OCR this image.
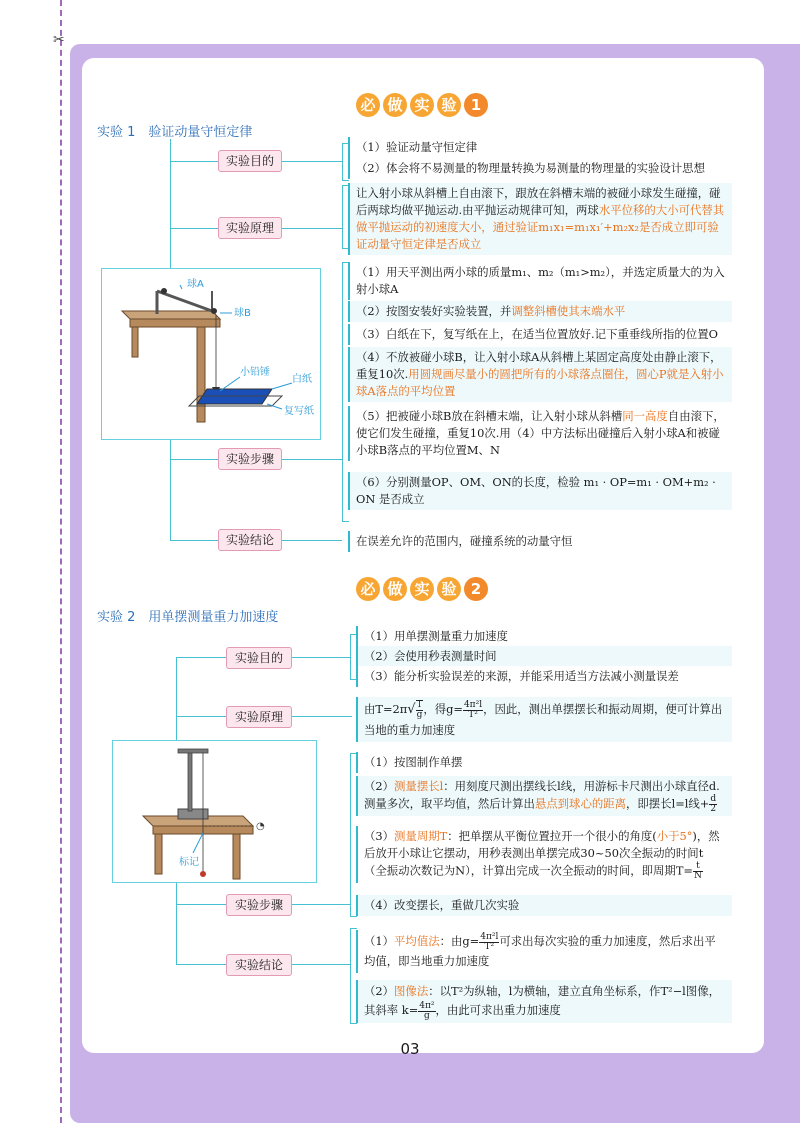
✂
必 做 实 验 1
实验 1　验证动量守恒定律
实验目的
实验原理
实验步骤
实验结论
球A
球B
小铅锤
白纸
复写纸
（1）验证动量守恒定律
（2）体会将不易测量的物理量转换为易测量的物理量的实验设计思想
让入射小球从斜槽上自由滚下，跟放在斜槽末端的被碰小球发生碰撞，碰后两球均做平抛运动.由平抛运动规律可知，两球水平位移的大小可代替其做平抛运动的初速度大小，通过验证m₁x₁=m₁x₁′+m₂x₂是否成立即可验证动量守恒定律是否成立
（1）用天平测出两小球的质量m₁、m₂（m₁>m₂），并选定质量大的为入射小球A
（2）按图安装好实验装置，并调整斜槽使其末端水平
（3）白纸在下，复写纸在上，在适当位置放好.记下重垂线所指的位置O
（4）不放被碰小球B，让入射小球A从斜槽上某固定高度处由静止滚下，重复10次.用圆规画尽量小的圆把所有的小球落点圈住，圆心P就是入射小球A落点的平均位置
（5）把被碰小球B放在斜槽末端，让入射小球从斜槽同一高度自由滚下，使它们发生碰撞，重复10次.用（4）中方法标出碰撞后入射小球A和被碰小球B落点的平均位置M、N
（6）分别测量OP、OM、ON的长度，检验 m₁ · OP=m₁ · OM+m₂ · ON 是否成立
在误差允许的范围内，碰撞系统的动量守恒
必 做 实 验 2
实验 2　用单摆测量重力加速度
实验目的
实验原理
实验步骤
实验结论
◔
标记
（1）用单摆测量重力加速度
（2）会使用秒表测量时间
（3）能分析实验误差的来源，并能采用适当方法减小测量误差
由$T=2\pi√ \frac{l}{g}$ ，得$g= \frac{\text{4π²l}}{\text{T²}}$ ，因此，测出单摆摆长和振动周期，便可计算出当地的重力加速度
（1）按图制作单摆
（2）测量摆长l：用刻度尺测出摆线长l线，用游标卡尺测出小球直径d.测量多次，取平均值，然后计算出悬点到球心的距离，即摆长l=l线+ $\frac{d}{2}$
（3）测量周期T：把单摆从平衡位置拉开一个很小的角度(小于5°)，然后放开小球让它摆动，用秒表测出单摆完成30~50次全振动的时间t（全振动次数记为N），计算出完成一次全振动的时间，即周期$T= \frac{t}{N}$
（4）改变摆长，重做几次实验
（1）平均值法：由$g= \frac{\text{4π²l}}{\text{T²}}$ 可求出每次实验的重力加速度，然后求出平均值，即当地重力加速度
（2）图像法：以T²为纵轴，l为横轴，建立直角坐标系，作T²−l图像，其斜率 $k= \frac{\text{4π²}}{g}$ ，由此可求出重力加速度
03
